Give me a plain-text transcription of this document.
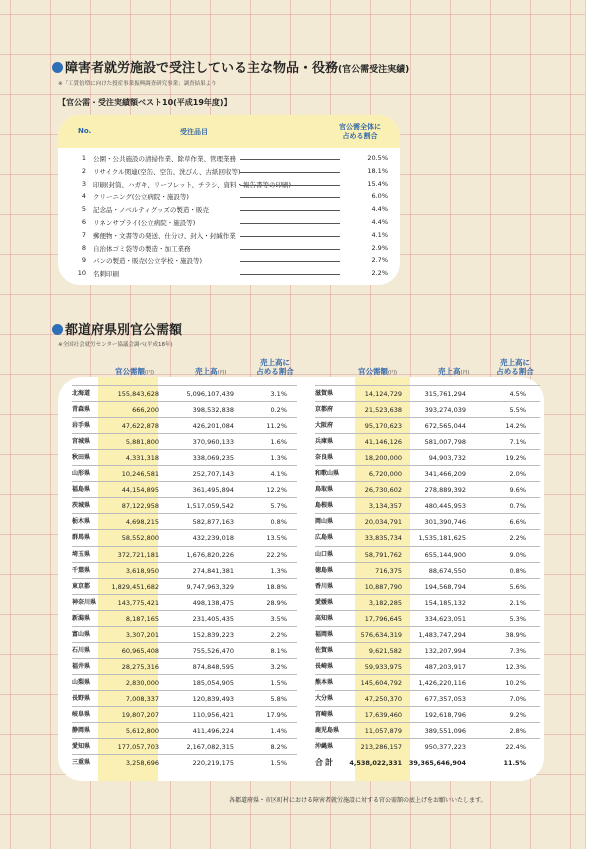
障害者就労施設で受注している主な物品・役務(官公需受注実績)
※「工賃倍増に向けた授産事業振興調査研究事業」調査結果より
【官公需・受注実績額ベスト10(平成19年度)】
No.	受注品目
官公需全体に
占める割合
1 公園・公共施設の清掃作業、除草作業、管理業務	20.5%
2 リサイクル関連(空缶、空缶、洗びん、古紙回収等)	18.1%
3 印刷(封筒、ハガキ、リーフレット、チラシ、資料・報告書等の印刷)	15.4%
4 クリーニング(公立病院・施設等)	6.0%
5 記念品・ノベルティグッズの製造・販売	4.4%
6 リネンサプライ(公立病院・施設等)	4.4%
7 郵便物・文書等の発送、仕分け、封入・封緘作業	4.1%
8 自治体ゴミ袋等の製造・加工業務	2.9%
9 パンの製造・販売(公立学校・施設等)	2.7%
10 名刺印刷	2.2%
都道府県別官公需額
※全国社会就労センター協議会調べ(平成18年)
官公需額(円)	売上高(円)
売上高に
占める割合	官公需額(円)	売上高(円)
売上高に
占める割合
北海道	155,843,628	5,096,107,439	3.1%
青森県	666,200	398,532,838	0.2%
岩手県	47,622,878	426,201,084	11.2%
宮城県	5,881,800	370,960,133	1.6%
秋田県	4,331,318	338,069,235	1.3%
山形県	10,246,581	252,707,143	4.1%
福島県	44,154,895	361,495,894	12.2%
茨城県	87,122,958	1,517,059,542	5.7%
栃木県	4,698,215	582,877,163	0.8%
群馬県	58,552,800	432,239,018	13.5%
埼玉県	372,721,181	1,676,820,226	22.2%
千葉県	3,618,950	274,841,381	1.3%
東京都	1,829,451,682	9,747,963,329	18.8%
神奈川県	143,775,421	498,138,475	28.9%
新潟県	8,187,165	231,405,435	3.5%
富山県	3,307,201	152,839,223	2.2%
石川県	60,965,408	755,526,470	8.1%
福井県	28,275,316	874,848,595	3.2%
山梨県	2,830,000	185,054,905	1.5%
長野県	7,008,337	120,839,493	5.8%
岐阜県	19,807,207	110,956,421	17.9%
静岡県	5,612,800	411,496,224	1.4%
愛知県	177,057,703	2,167,082,315	8.2%
三重県	3,258,696	220,219,175	1.5%
滋賀県	14,124,729	315,761,294	4.5%
京都府	21,523,638	393,274,039	5.5%
大阪府	95,170,623	672,565,044	14.2%
兵庫県	41,146,126	581,007,798	7.1%
奈良県	18,200,000	94,903,732	19.2%
和歌山県	6,720,000	341,466,209	2.0%
鳥取県	26,730,602	278,889,392	9.6%
島根県	3,134,357	480,445,953	0.7%
岡山県	20,034,791	301,390,746	6.6%
広島県	33,835,734	1,535,181,625	2.2%
山口県	58,791,762	655,144,900	9.0%
徳島県	716,375	88,674,550	0.8%
香川県	10,887,790	194,568,794	5.6%
愛媛県	3,182,285	154,185,132	2.1%
高知県	17,796,645	334,623,051	5.3%
福岡県	576,634,319	1,483,747,294	38.9%
佐賀県	9,621,582	132,207,994	7.3%
長崎県	59,933,975	487,203,917	12.3%
熊本県	145,604,792	1,426,220,116	10.2%
大分県	47,250,370	677,357,053	7.0%
宮崎県	17,639,460	192,618,796	9.2%
鹿児島県	11,057,879	389,551,096	2.8%
沖縄県	213,286,157	950,377,223	22.4%
合計 4,538,022,331 39,365,646,904	11.5%
各都道府県・市区町村における障害者就労施設に対する官公需額の底上げをお願いいたします。
